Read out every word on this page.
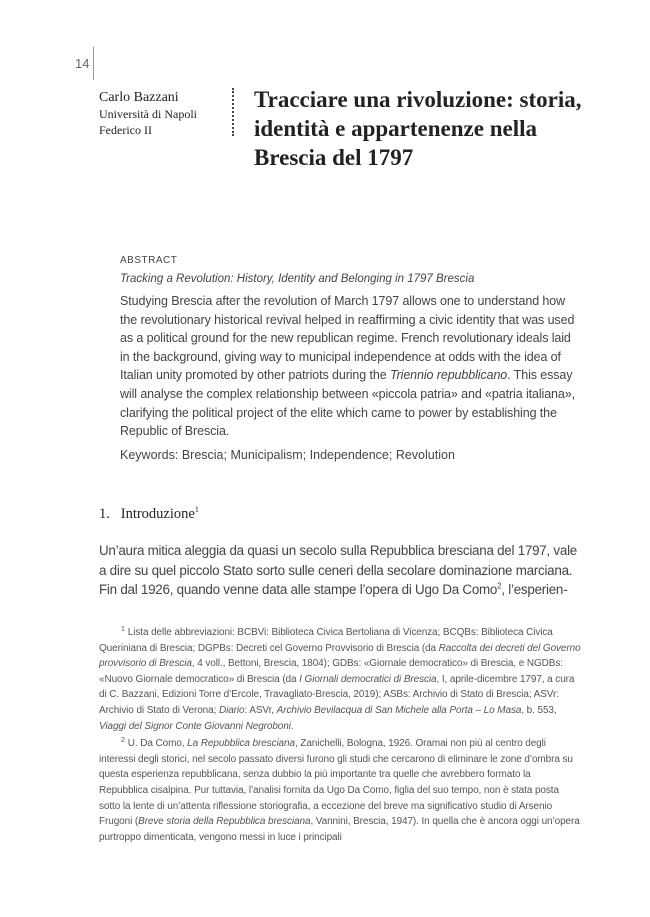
14
Carlo Bazzani
Università di Napoli
Federico II
Tracciare una rivoluzione: storia, identità e appartenenze nella Brescia del 1797

ABSTRACT

Tracking a Revolution: History, Identity and Belonging in 1797 Brescia

Studying Brescia after the revolution of March 1797 allows one to understand how the revolutionary historical revival helped in reaffirming a civic identity that was used as a political ground for the new republican regime. French revolutionary ideals laid in the background, giving way to municipal independence at odds with the idea of Italian unity promoted by other patriots during the Triennio repubblicano. This essay will analyse the complex relationship between «piccola patria» and «patria italiana», clarifying the political project of the elite which came to power by establishing the Republic of Brescia.

Keywords: Brescia; Municipalism; Independence; Revolution

1.   Introduzione$^1$

Un’aura mitica aleggia da quasi un secolo sulla Repubblica bresciana del 1797, vale a dire su quel piccolo Stato sorto sulle ceneri della secolare dominazione marciana. Fin dal 1926, quando venne data alle stampe l’opera di Ugo Da Como$^2$, l’esperien-

$^1$ Lista delle abbreviazioni: BCBVi: Biblioteca Civica Bertoliana di Vicenza; BCQBs: Biblioteca Civica Queriniana di Brescia; DGPBs: Decreti cel Governo Provvisorio di Brescia (da Raccolta dei decreti del Governo provvisorio di Brescia, 4 voll., Bettoni, Brescia, 1804); GDBs: «Giornale democratico» di Brescia, e NGDBs: «Nuovo Giornale democratico» di Brescia (da I Giornali democratici di Brescia, I, aprile-dicembre 1797, a cura di C. Bazzani, Edizioni Torre d’Ercole, Travagliato-Brescia, 2019); ASBs: Archivio di Stato di Brescia; ASVr: Archivio di Stato di Verona; Diario: ASVr, Archivio Bevilacqua di San Michele alla Porta – Lo Masa, b. 553, Viaggi del Signor Conte Giovanni Negroboni.

$^2$ U. Da Como, La Repubblica bresciana, Zanichelli, Bologna, 1926. Oramai non più al centro degli interessi degli storici, nel secolo passato diversi furono gli studi che cercarono di eliminare le zone d’ombra su questa esperienza repubblicana, senza dubbio la più importante tra quelle che avrebbero formato la Repubblica cisalpina. Pur tuttavia, l’analisi fornita da Ugo Da Como, figlia del suo tempo, non è stata posta sotto la lente di un’attenta riflessione storiografia, a eccezione del breve ma significativo studio di Arsenio Frugoni (Breve storia della Repubblica bresciana, Vannini, Brescia, 1947). In quella che è ancora oggi un’opera purtroppo dimenticata, vengono messi in luce i principali
